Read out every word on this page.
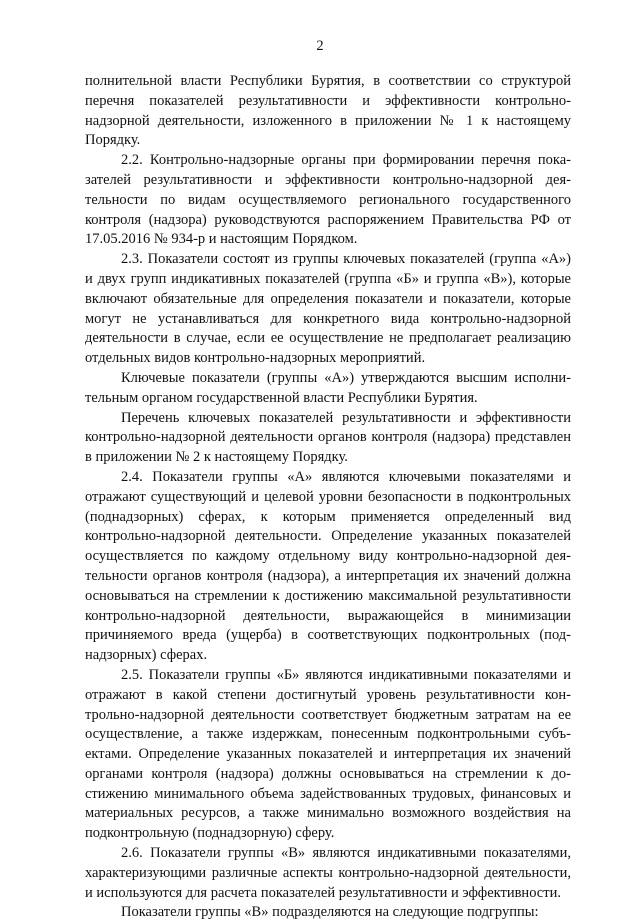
2

полнительной власти Республики Бурятия, в соответствии со структурой перечня показателей результативности и эффективности контрольно-надзорной деятельности, изложенного в приложении № 1 к настоящему Порядку.

2.2. Контрольно-надзорные органы при формировании перечня показателей результативности и эффективности контрольно-надзорной деятельности по видам осуществляемого регионального государственного контроля (надзора) руководствуются распоряжением Правительства РФ от 17.05.2016 № 934-р и настоящим Порядком.

2.3. Показатели состоят из группы ключевых показателей (группа «А») и двух групп индикативных показателей (группа «Б» и группа «В»), которые включают обязательные для определения показатели и показатели, которые могут не устанавливаться для конкретного вида контрольно-надзорной деятельности в случае, если ее осуществление не предполагает реализацию отдельных видов контрольно-надзорных мероприятий.

Ключевые показатели (группы «А») утверждаются высшим исполнительным органом государственной власти Республики Бурятия.

Перечень ключевых показателей результативности и эффективности контрольно-надзорной деятельности органов контроля (надзора) представлен в приложении № 2 к настоящему Порядку.

2.4. Показатели группы «А» являются ключевыми показателями и отражают существующий и целевой уровни безопасности в подконтрольных (поднадзорных) сферах, к которым применяется определенный вид контрольно-надзорной деятельности. Определение указанных показателей осуществляется по каждому отдельному виду контрольно-надзорной деятельности органов контроля (надзора), а интерпретация их значений должна основываться на стремлении к достижению максимальной результативности контрольно-надзорной деятельности, выражающейся в минимизации причиняемого вреда (ущерба) в соответствующих подконтрольных (поднадзорных) сферах.

2.5. Показатели группы «Б» являются индикативными показателями и отражают в какой степени достигнутый уровень результативности контрольно-надзорной деятельности соответствует бюджетным затратам на ее осуществление, а также издержкам, понесенным подконтрольными субъектами. Определение указанных показателей и интерпретация их значений органами контроля (надзора) должны основываться на стремлении к достижению минимального объема задействованных трудовых, финансовых и материальных ресурсов, а также минимально возможного воздействия на подконтрольную (поднадзорную) сферу.

2.6. Показатели группы «В» являются индикативными показателями, характеризующими различные аспекты контрольно-надзорной деятельности, и используются для расчета показателей результативности и эффективности.

Показатели группы «В» подразделяются на следующие подгруппы:
